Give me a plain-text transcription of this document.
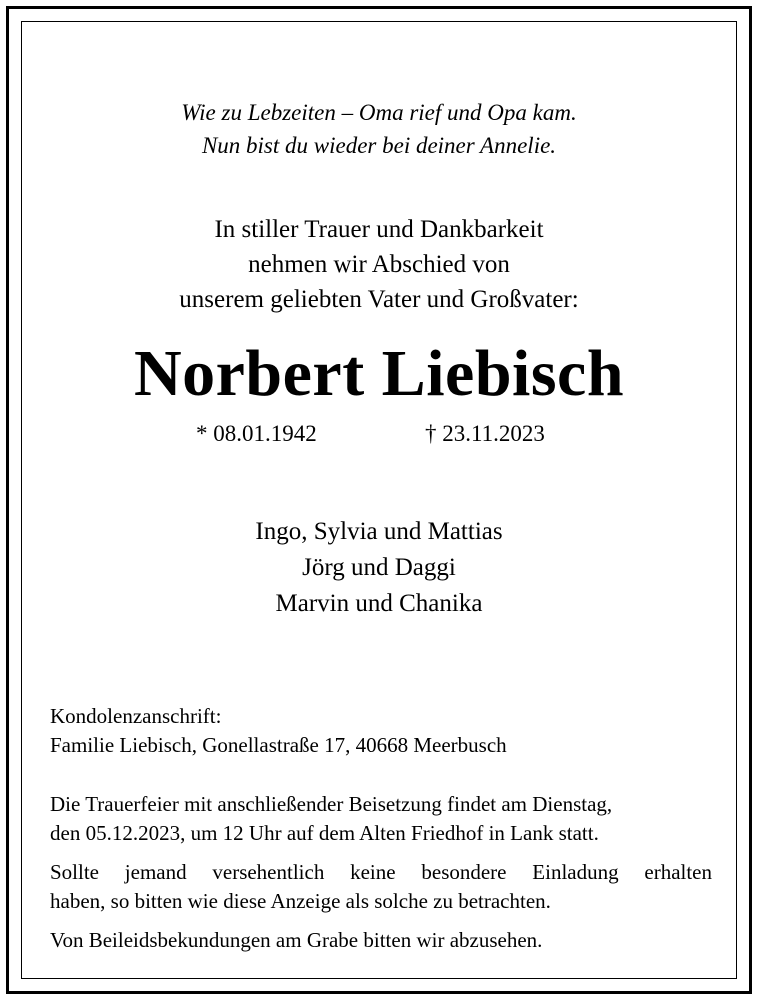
Wie zu Lebzeiten – Oma rief und Opa kam.
Nun bist du wieder bei deiner Annelie.
In stiller Trauer und Dankbarkeit
nehmen wir Abschied von
unserem geliebten Vater und Großvater:
Norbert Liebisch
* 08.01.1942	† 23.11.2023
Ingo, Sylvia und Mattias
Jörg und Daggi
Marvin und Chanika
Kondolenzanschrift:
Familie Liebisch, Gonellastraße 17, 40668 Meerbusch
Die Trauerfeier mit anschließender Beisetzung findet am Dienstag,
den 05.12.2023, um 12 Uhr auf dem Alten Friedhof in Lank statt.
Sollte jemand versehentlich keine besondere Einladung erhalten
haben, so bitten wie diese Anzeige als solche zu betrachten.
Von Beileidsbekundungen am Grabe bitten wir abzusehen.
